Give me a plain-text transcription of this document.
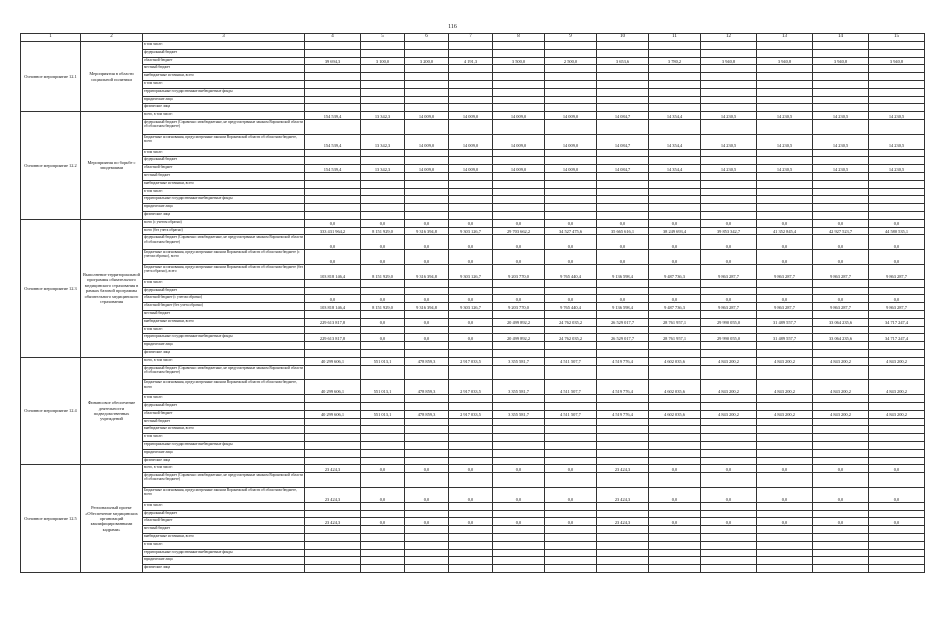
116
1	2	3	4	5	6	7	8	9	10	11	12	13	14	15
Основное мероприятие 12.1	Мероприятия в области социальной политики	в том числе:												
		федеральный бюджет												
		областной бюджет	39 694,3	3 100,0	3 200,0	4 191,3	3 500,0	2 500,0	3 653,6	3 780,2	3 940,8	3 940,8	3 940,8	3 940,8
		местный бюджет												
		внебюджетные источники, всего												
		в том числе:												
		территориальные государственные внебюджетные фонды												
		юридические лица												
		физические лица												
Основное мероприятие 12.2	Мероприятия по борьбе с эпидемиями	всего, в том числе:	154 539,4	13 342,3	14 009,0	14 009,0	14 009,0	14 009,0	14 084,7	14 354,4	14 230,5	14 230,5	14 230,5	14 230,5
		федеральный бюджет (Справочно: межбюджетные, не предусмотренные законом Воронежской области об областном бюджете)												
		Бюджетные ассигнования, предусмотренные законом Воронежской области об областном бюджете, всего	154 539,4	13 342,3	14 009,0	14 009,0	14 009,0	14 009,0	14 084,7	14 354,4	14 230,5	14 230,5	14 230,5	14 230,5
		в том числе:												
		федеральный бюджет												
		областной бюджет	154 539,4	13 342,3	14 009,0	14 009,0	14 009,0	14 009,0	14 084,7	14 354,4	14 230,5	14 230,5	14 230,5	14 230,5
		местный бюджет												
		внебюджетные источники, всего												
		в том числе:												
		территориальные государственные внебюджетные фонды												
		юридические лица												
		физические лица												
Основное мероприятие 12.3	Выполнение территориальной программы обязательного медицинского страхования в рамках базовой программы обязательного медицинского страхования	всего (с учетом обратно)	0,0	0,0	0,0	0,0	0,0	0,0	0,0	0,0	0,0	0,0	0,0	0,0
		всего (без учета обратно)	333 431 964,2	8 151 929,0	9 316 394,8	9 303 126,7	29 703 662,2	34 527 475,6	35 665 616,1	38 249 693,4	39 853 342,7	41 352 845,4	42 927 523,7	44 580 535,1
		федеральный бюджет (Справочно: межбюджетные, не предусмотренные законом Воронежской области об областном бюджете)	0,0	0,0	0,0	0,0	0,0	0,0	0,0	0,0	0,0	0,0	0,0	0,0
		Бюджетные ассигнования, предусмотренные законом Воронежской области об областном бюджете (с учетом обратно), всего	0,0	0,0	0,0	0,0	0,0	0,0	0,0	0,0	0,0	0,0	0,0	0,0
		Бюджетные ассигнования, предусмотренные законом Воронежской области об областном бюджете (без учета обратно), всего	103 818 146,4	8 151 929,0	9 316 394,8	9 303 126,7	9 203 770,0	9 765 440,4	9 136 598,4	9 487 736,3	9 863 287,7	9 863 287,7	9 863 287,7	9 863 287,7
		в том числе:												
		федеральный бюджет												
		областной бюджет (с учетом обратно)	0,0	0,0	0,0	0,0	0,0	0,0	0,0	0,0	0,0	0,0	0,0	0,0
		областной бюджет (без учета обратно)	103 818 146,4	8 151 929,0	9 316 394,8	9 303 126,7	9 203 770,0	9 765 440,4	9 136 598,4	9 487 736,3	9 863 287,7	9 863 287,7	9 863 287,7	9 863 287,7
		местный бюджет												
		внебюджетные источники, всего	229 613 817,8	0,0	0,0	0,0	20 499 892,2	24 762 035,2	26 529 017,7	28 761 957,1	29 990 055,0	31 489 557,7	33 064 235,6	34 717 247,4
		в том числе:												
		территориальные государственные внебюджетные фонды	229 613 817,8	0,0	0,0	0,0	20 499 892,2	24 762 035,2	26 529 017,7	28 761 957,1	29 990 055,0	31 489 557,7	33 064 235,6	34 717 247,4
		юридические лица												
		физические лица												
Основное мероприятие 12.4	Финансовое обеспечение деятельности подведомственных учреждений	всего, в том числе:	40 299 606,1	551 013,1	478 859,3	2 917 033,5	3 355 581,7	4 511 507,7	4 519 776,4	4 602 035,6	4 843 200,2	4 843 200,2	4 843 200,2	4 843 200,2
		федеральный бюджет (Справочно: межбюджетные, не предусмотренные законом Воронежской области об областном бюджете)												
		Бюджетные ассигнования, предусмотренные законом Воронежской области об областном бюджете, всего	40 299 606,1	551 013,1	478 859,3	2 917 033,5	3 355 581,7	4 511 507,7	4 519 776,4	4 602 035,6	4 843 200,2	4 843 200,2	4 843 200,2	4 843 200,2
		в том числе:												
		федеральный бюджет												
		областной бюджет	40 299 606,1	551 013,1	478 859,3	2 917 033,5	3 355 581,7	4 511 507,7	4 519 776,4	4 602 035,6	4 843 200,2	4 843 200,2	4 843 200,2	4 843 200,2
		местный бюджет												
		внебюджетные источники, всего												
		в том числе:												
		территориальные государственные внебюджетные фонды												
		юридические лица												
		физические лица												
Основное мероприятие 12.5	Региональный проект «Обеспечение медицинских организаций квалифицированными кадрами»	всего, в том числе:	23 424,3	0,0	0,0	0,0	0,0	0,0	23 424,3	0,0	0,0	0,0	0,0	0,0
		федеральный бюджет (Справочно: межбюджетные, не предусмотренные законом Воронежской области об областном бюджете)												
		Бюджетные ассигнования, предусмотренные законом Воронежской области об областном бюджете, всего	23 424,3	0,0	0,0	0,0	0,0	0,0	23 424,3	0,0	0,0	0,0	0,0	0,0
		в том числе:												
		федеральный бюджет												
		областной бюджет	23 424,3	0,0	0,0	0,0	0,0	0,0	23 424,3	0,0	0,0	0,0	0,0	0,0
		местный бюджет												
		внебюджетные источники, всего												
		в том числе:												
		территориальные государственные внебюджетные фонды												
		юридические лица												
		физические лица												
